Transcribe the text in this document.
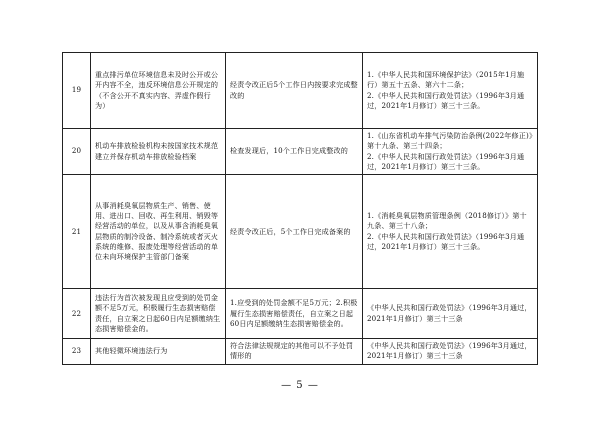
19	重点排污单位环境信息未及时公开或公开内容不全，违反环境信息公开规定的（不含公开不真实内容、弄虚作假行为）	经责令改正后5个工作日内按要求完成整改的	1.《中华人民共和国环境保护法》（2015年1月施行）第五十五条、第六十二条；
2.《中华人民共和国行政处罚法》（1996年3月通过，2021年1月修订）第三十三条。

20	机动车排放检验机构未按国家技术规范建立并保存机动车排放检验档案	检查发现后，10个工作日完成整改的	1.《山东省机动车排气污染防治条例(2022年修正)》第十九条、第三十四条；
2.《中华人民共和国行政处罚法》（1996年3月通过，2021年1月修订）第三十三条。

21	从事消耗臭氧层物质生产、销售、使用、进出口、回收、再生利用、销毁等经营活动的单位，以及从事含消耗臭氧层物质的制冷设备、制冷系统或者灭火系统的维修、报废处理等经营活动的单位未向环境保护主管部门备案	经责令改正后，5个工作日完成备案的	1.《消耗臭氧层物质管理条例（2018修订）》第十九条、第三十八条；
2.《中华人民共和国行政处罚法》（1996年3月通过，2021年1月修订）第三十三条。

22	违法行为首次被发现且应受到的处罚金额不足5万元，积极履行生态损害赔偿责任，自立案之日起60日内足额缴纳生态损害赔偿金的。	1.应受到的处罚金额不足5万元；2.积极履行生态损害赔偿责任，自立案之日起60日内足额缴纳生态损害赔偿金的。	《中华人民共和国行政处罚法》（1996年3月通过，2021年1月修订）第三十三条

23	其他轻微环境违法行为	符合法律法规规定的其他可以不予处罚情形的	《中华人民共和国行政处罚法》（1996年3月通过，2021年1月修订）第三十三条
— 5 —
